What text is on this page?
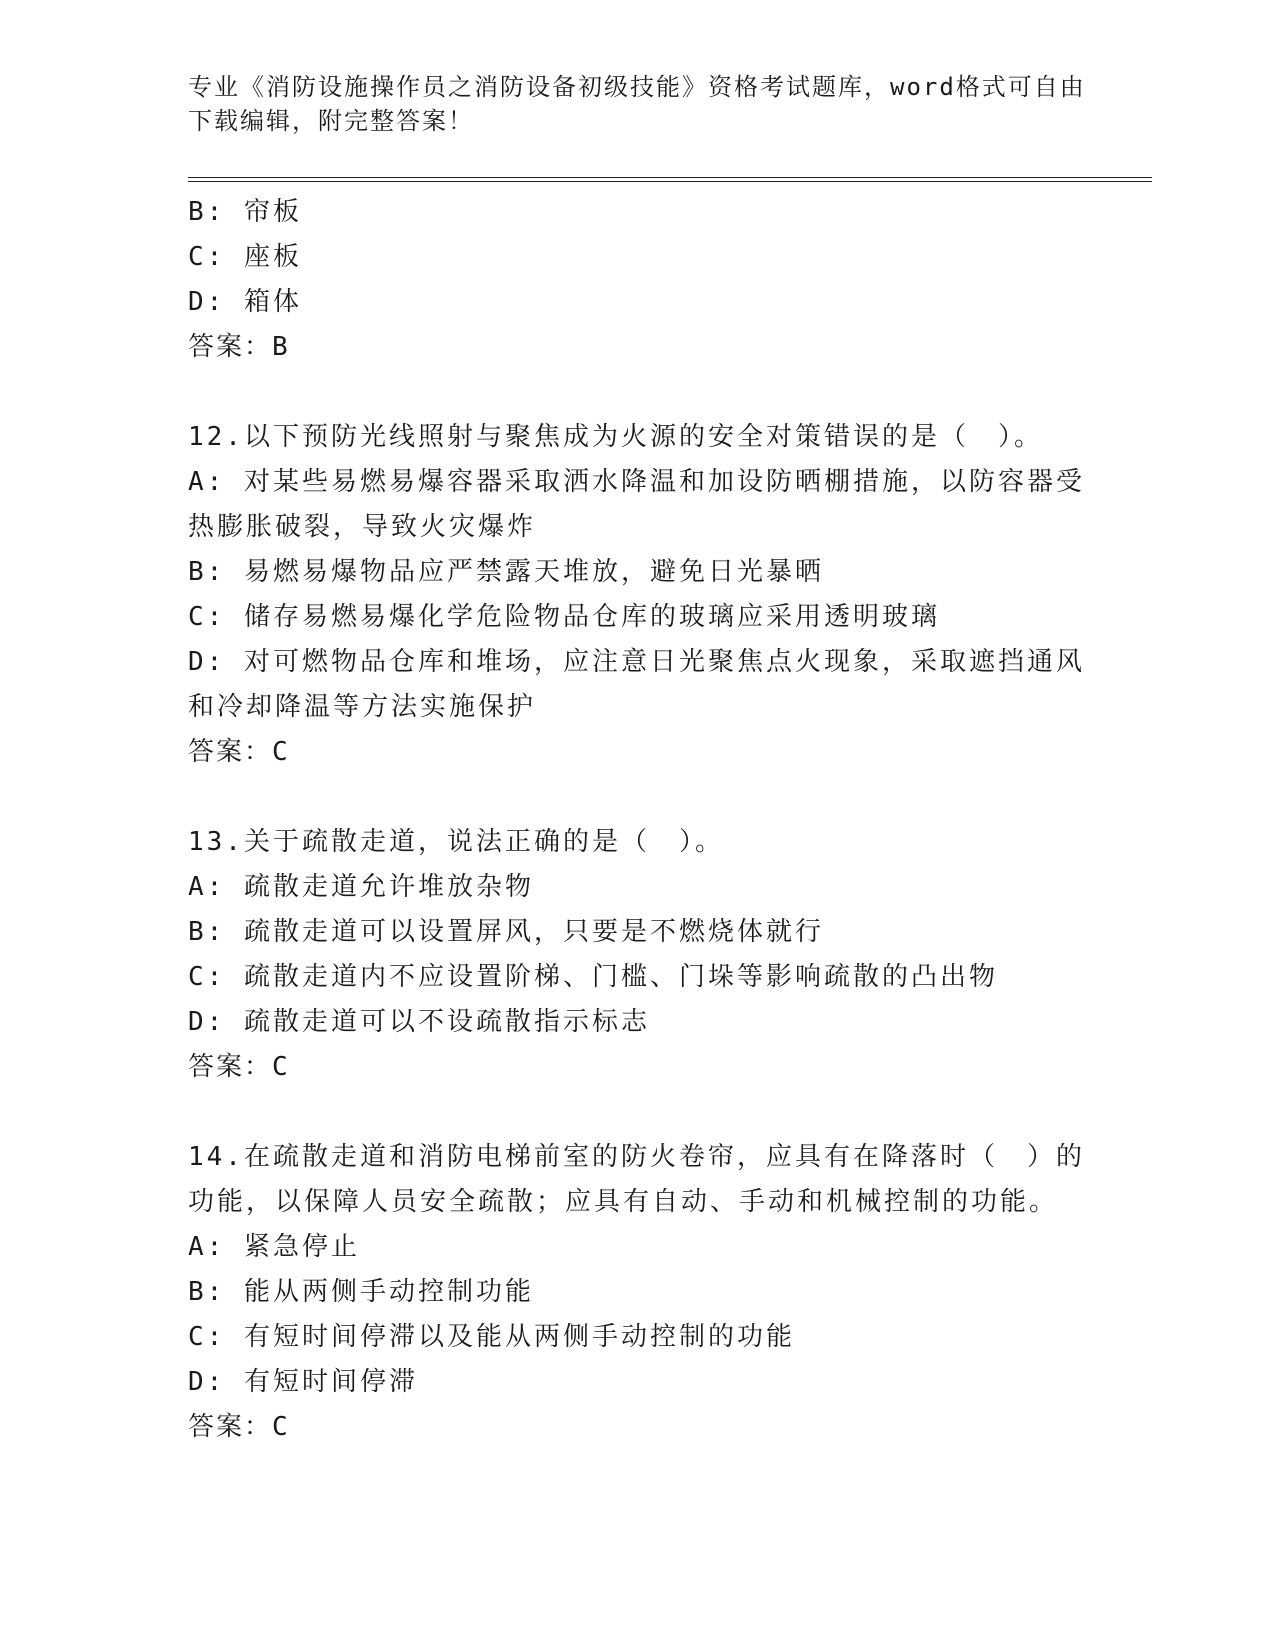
专业《消防设施操作员之消防设备初级技能》资格考试题库，word格式可自由下载编辑，附完整答案！
B: 帘板
C: 座板
D: 箱体
答案：B
12.以下预防光线照射与聚焦成为火源的安全对策错误的是（　）。
A: 对某些易燃易爆容器采取洒水降温和加设防晒棚措施，以防容器受
热膨胀破裂，导致火灾爆炸
B: 易燃易爆物品应严禁露天堆放，避免日光暴晒
C: 储存易燃易爆化学危险物品仓库的玻璃应采用透明玻璃
D: 对可燃物品仓库和堆场，应注意日光聚焦点火现象，采取遮挡通风
和冷却降温等方法实施保护
答案：C
13.关于疏散走道，说法正确的是（　）。
A: 疏散走道允许堆放杂物
B: 疏散走道可以设置屏风，只要是不燃烧体就行
C: 疏散走道内不应设置阶梯、门槛、门垛等影响疏散的凸出物
D: 疏散走道可以不设疏散指示标志
答案：C
14.在疏散走道和消防电梯前室的防火卷帘，应具有在降落时（　）的
功能，以保障人员安全疏散；应具有自动、手动和机械控制的功能。
A: 紧急停止
B: 能从两侧手动控制功能
C: 有短时间停滞以及能从两侧手动控制的功能
D: 有短时间停滞
答案：C
